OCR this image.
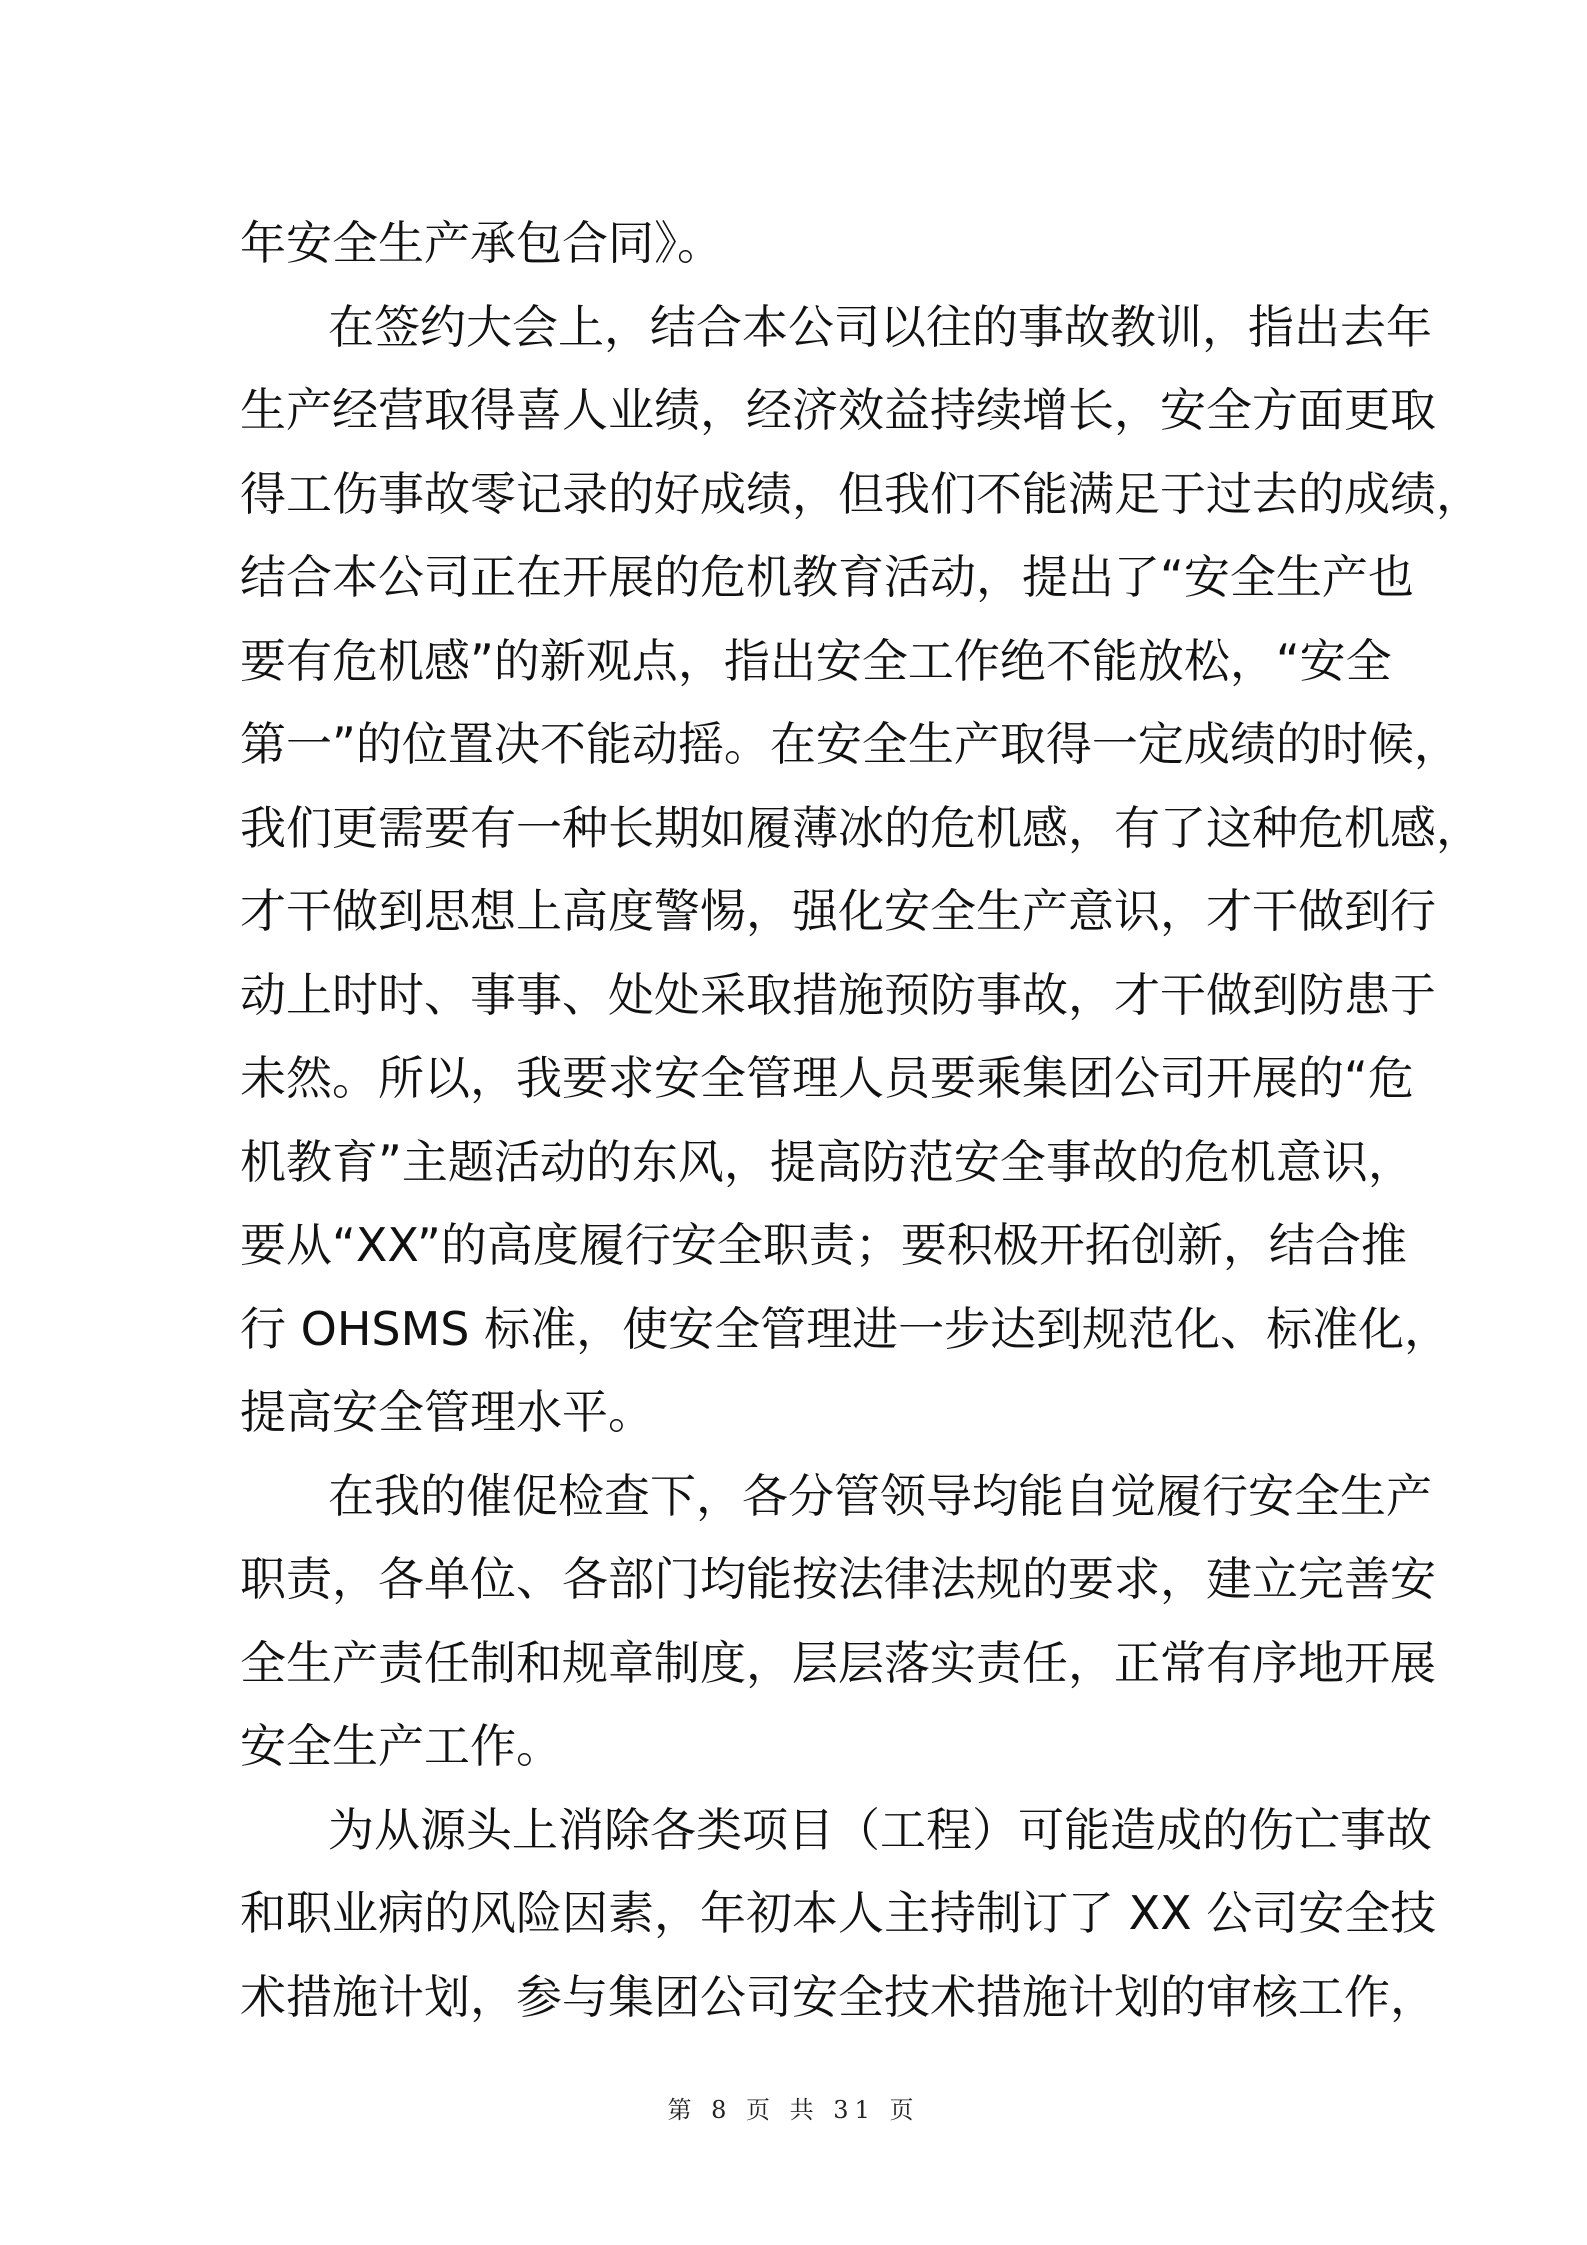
年安全生产承包合同》。
在签约大会上，结合本公司以往的事故教训，指出去年
生产经营取得喜人业绩，经济效益持续增长，安全方面更取
得工伤事故零记录的好成绩，但我们不能满足于过去的成绩，
结合本公司正在开展的危机教育活动，提出了“安全生产也
要有危机感”的新观点，指出安全工作绝不能放松，“安全
第一”的位置决不能动摇。在安全生产取得一定成绩的时候，
我们更需要有一种长期如履薄冰的危机感，有了这种危机感，
才干做到思想上高度警惕，强化安全生产意识，才干做到行
动上时时、事事、处处采取措施预防事故，才干做到防患于
未然。所以，我要求安全管理人员要乘集团公司开展的“危
机教育”主题活动的东风，提高防范安全事故的危机意识，
要从“XX”的高度履行安全职责；要积极开拓创新，结合推
行 OHSMS 标准，使安全管理进一步达到规范化、标准化，
提高安全管理水平。
在我的催促检查下，各分管领导均能自觉履行安全生产
职责，各单位、各部门均能按法律法规的要求，建立完善安
全生产责任制和规章制度，层层落实责任，正常有序地开展
安全生产工作。
为从源头上消除各类项目（工程）可能造成的伤亡事故
和职业病的风险因素，年初本人主持制订了 XX 公司安全技
术措施计划，参与集团公司安全技术措施计划的审核工作，
第 8 页 共 31 页
